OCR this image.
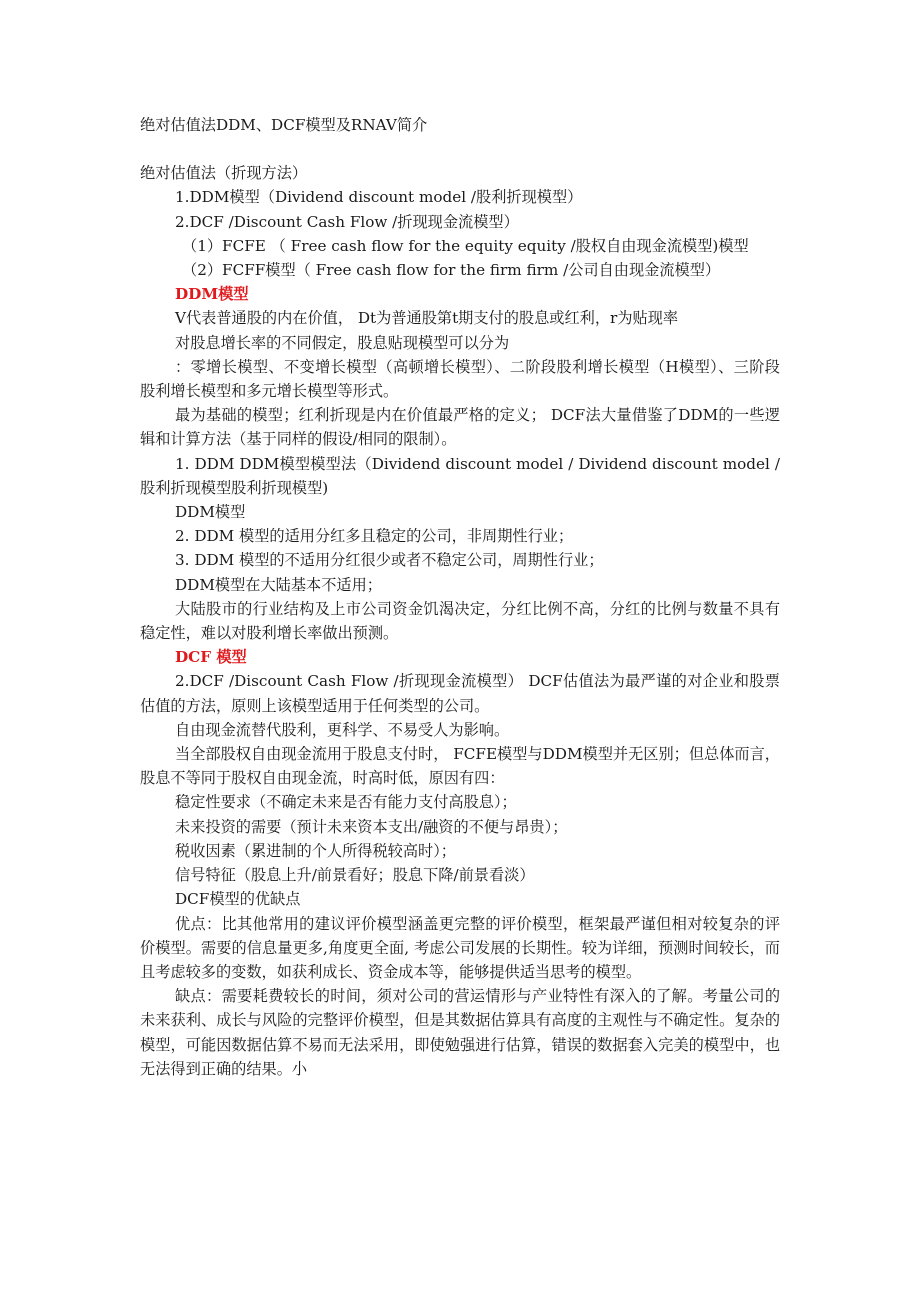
绝对估值法DDM、DCF模型及RNAV简介

绝对估值法（折现方法）

1.DDM模型（Dividend discount model /股利折现模型）

2.DCF /Discount Cash Flow /折现现金流模型）

（1）FCFE （ Free cash flow for the equity equity /股权自由现金流模型)模型

（2）FCFF模型（ Free cash flow for the firm firm /公司自由现金流模型）

DDM模型

V代表普通股的内在价值， Dt为普通股第t期支付的股息或红利，r为贴现率

对股息增长率的不同假定，股息贴现模型可以分为

：零增长模型、不变增长模型（高顿增长模型）、二阶段股利增长模型（H模型）、三阶段股利增长模型和多元增长模型等形式。

最为基础的模型；红利折现是内在价值最严格的定义； DCF法大量借鉴了DDM的一些逻辑和计算方法（基于同样的假设/相同的限制）。

1. DDM DDM模型模型法（Dividend discount model / Dividend discount model / 股利折现模型股利折现模型)

DDM模型

2. DDM 模型的适用分红多且稳定的公司，非周期性行业；

3. DDM 模型的不适用分红很少或者不稳定公司，周期性行业；

DDM模型在大陆基本不适用；

大陆股市的行业结构及上市公司资金饥渴决定，分红比例不高，分红的比例与数量不具有稳定性，难以对股利增长率做出预测。

DCF 模型

2.DCF /Discount Cash Flow /折现现金流模型） DCF估值法为最严谨的对企业和股票估值的方法，原则上该模型适用于任何类型的公司。

自由现金流替代股利，更科学、不易受人为影响。

当全部股权自由现金流用于股息支付时， FCFE模型与DDM模型并无区别；但总体而言，股息不等同于股权自由现金流，时高时低，原因有四：

稳定性要求（不确定未来是否有能力支付高股息）；

未来投资的需要（预计未来资本支出/融资的不便与昂贵）；

税收因素（累进制的个人所得税较高时）；

信号特征（股息上升/前景看好；股息下降/前景看淡）

DCF模型的优缺点

优点：比其他常用的建议评价模型涵盖更完整的评价模型，框架最严谨但相对较复杂的评价模型。需要的信息量更多,角度更全面, 考虑公司发展的长期性。较为详细，预测时间较长，而且考虑较多的变数，如获利成长、资金成本等，能够提供适当思考的模型。

缺点：需要耗费较长的时间，须对公司的营运情形与产业特性有深入的了解。考量公司的未来获利、成长与风险的完整评价模型，但是其数据估算具有高度的主观性与不确定性。复杂的模型，可能因数据估算不易而无法采用，即使勉强进行估算，错误的数据套入完美的模型中，也无法得到正确的结果。小
